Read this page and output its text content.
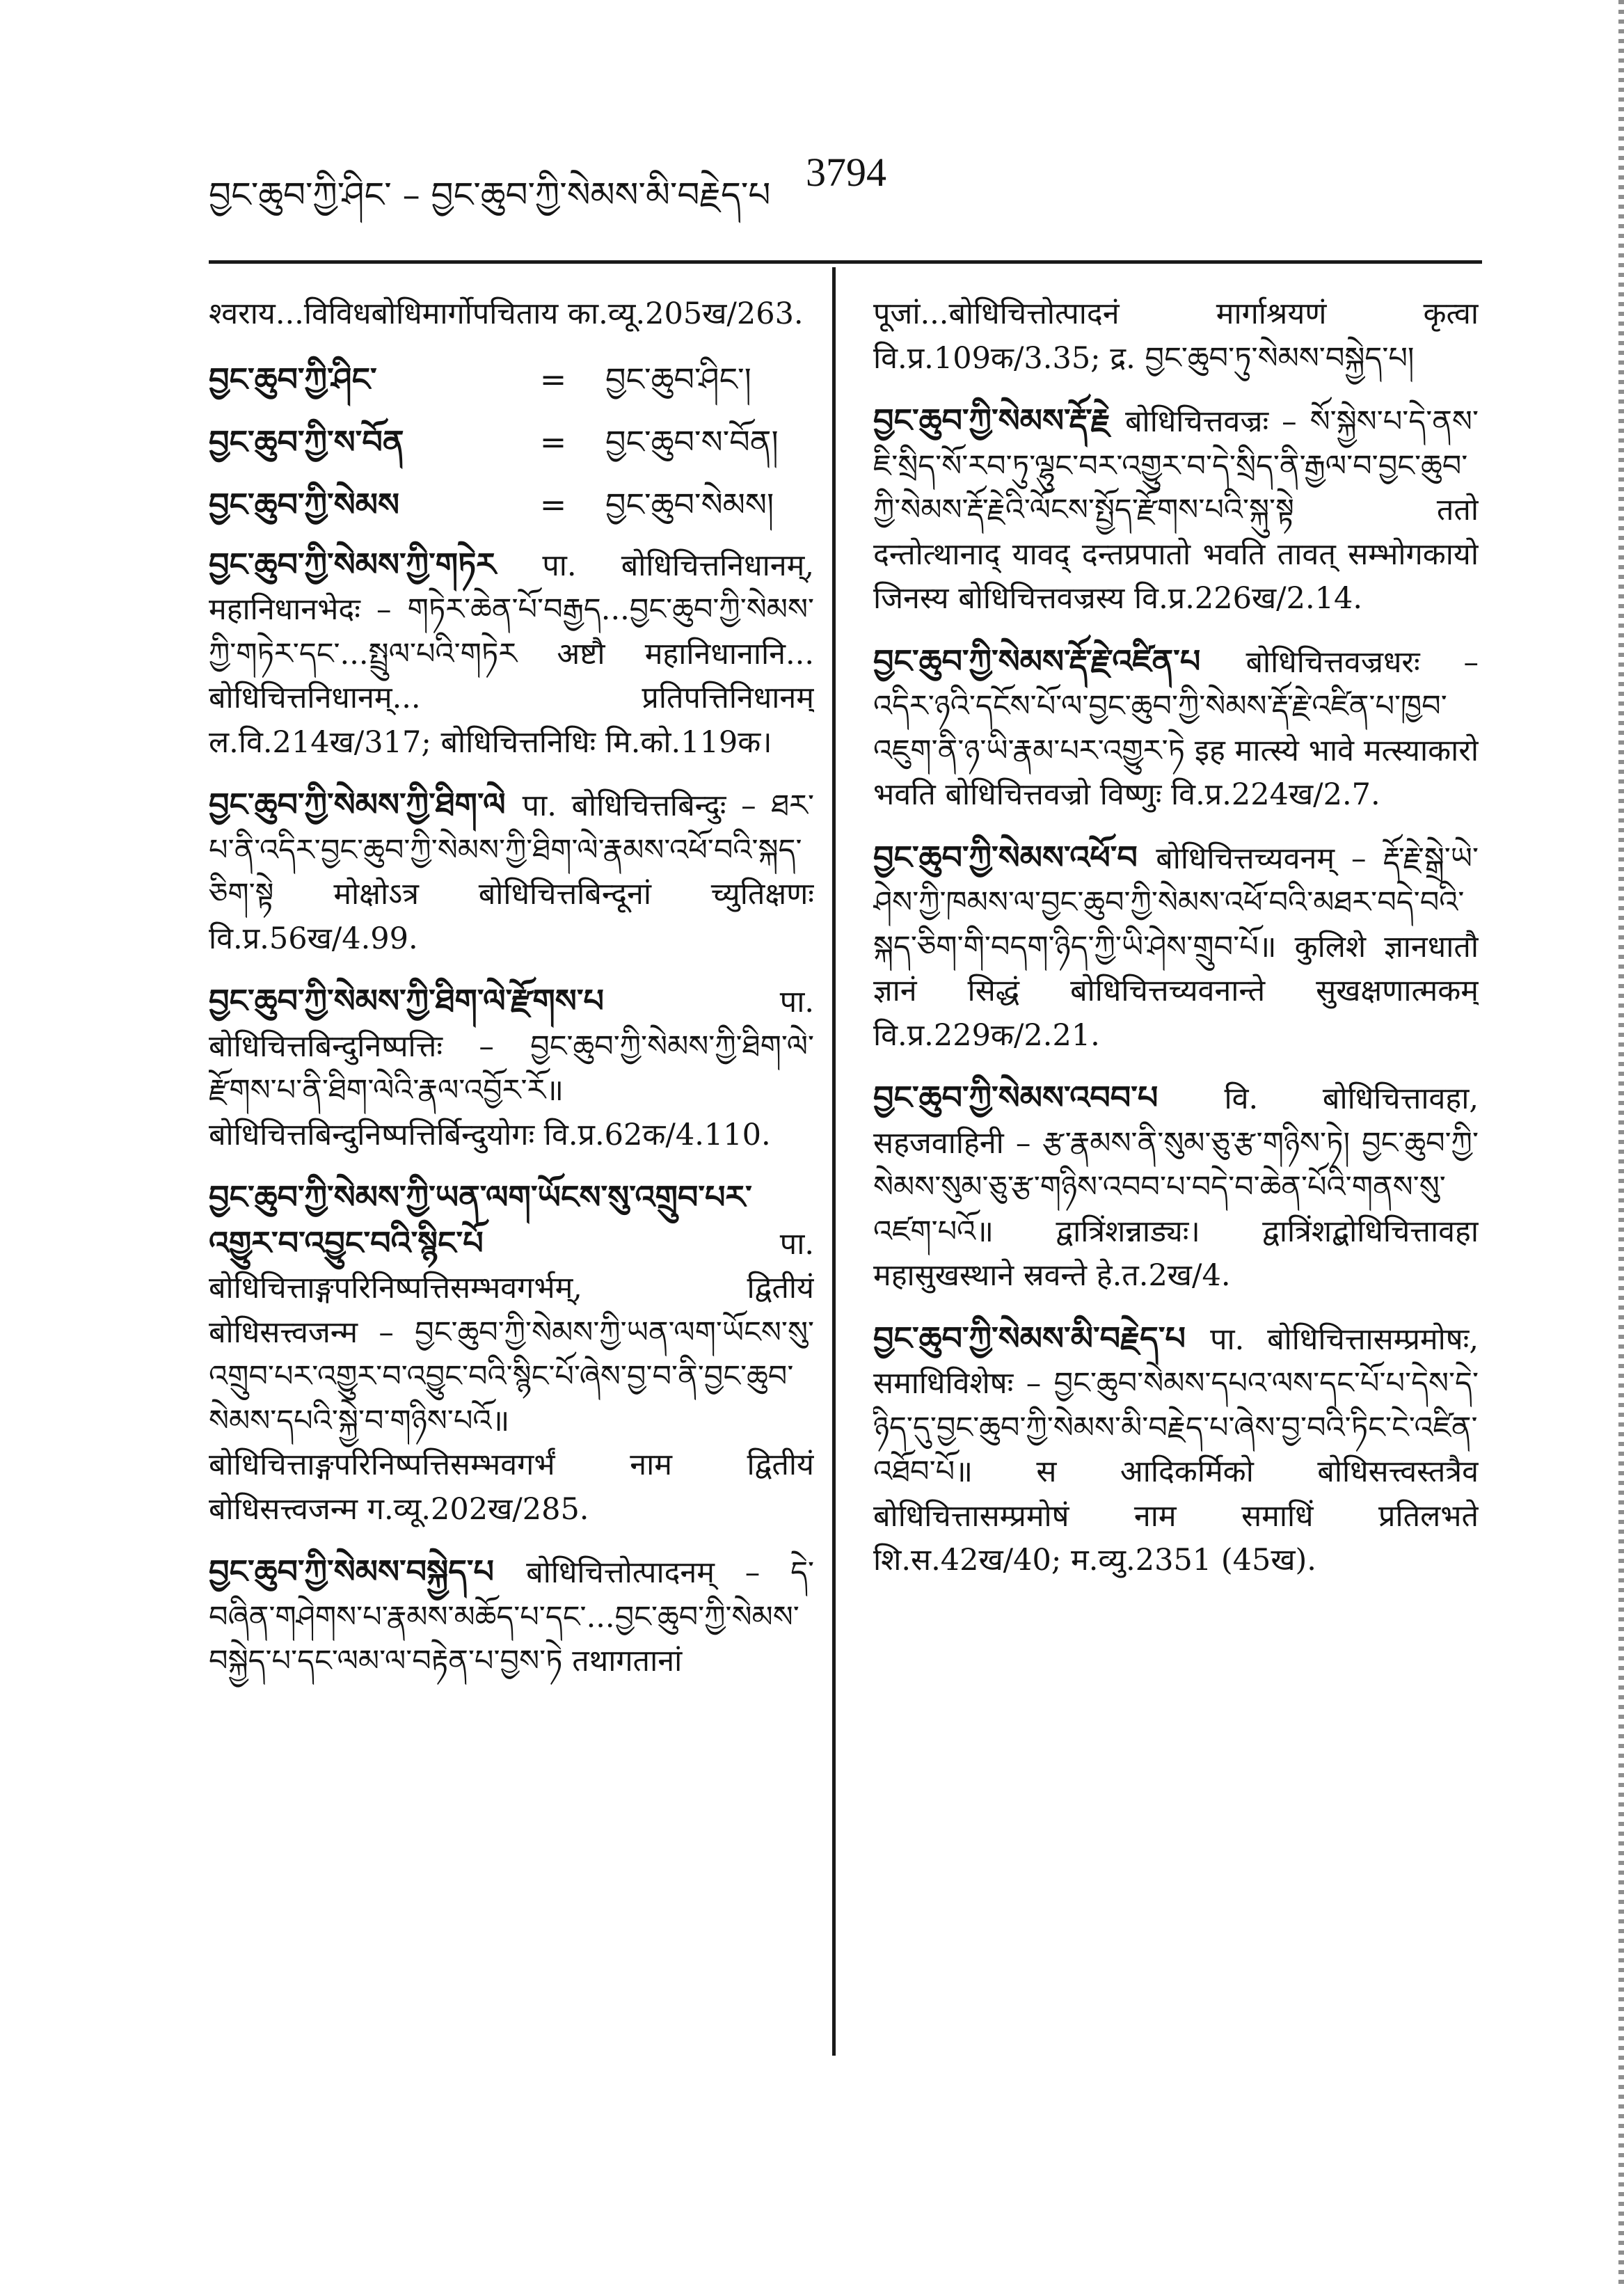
བྱང་ཆུབ་ཀྱི་ཤིང་ – བྱང་ཆུབ་ཀྱི་སེམས་མི་བརྗེད་པ 3794
श्वराय...विविधबोधिमार्गोपचिताय का.व्यू.205ख/263.
བྱང་ཆུབ་ཀྱི་ཤིང་	=	བྱང་ཆུབ་ཤིང་།
བྱང་ཆུབ་ཀྱི་ས་བོན	=	བྱང་ཆུབ་ས་བོན།
བྱང་ཆུབ་ཀྱི་སེམས	=	བྱང་ཆུབ་སེམས།
བྱང་ཆུབ་ཀྱི་སེམས་ཀྱི་གཏེར पा. बोधिचित्तनिधानम्, महानिधानभेदः – གཏེར་ཆེན་པོ་བརྒྱད...བྱང་ཆུབ་ཀྱི་སེམས་ཀྱི་གཏེར་དང་...སྤྲུལ་པའི་གཏེར अष्टौ महानिधानानि... बोधिचित्तनिधानम्... प्रतिपत्तिनिधानम् ल.वि.214ख/317; बोधिचित्तनिधिः मि.को.119क।
བྱང་ཆུབ་ཀྱི་སེམས་ཀྱི་ཐིག་ལེ पा. बोधिचित्तबिन्दुः – ཐར་པ་ནི་འདིར་བྱང་ཆུབ་ཀྱི་སེམས་ཀྱི་ཐིག་ལེ་རྣམས་འཕོ་བའི་སྐད་ཅིག་སྟེ मोक्षोऽत्र बोधिचित्तबिन्दूनां च्युतिक्षणः वि.प्र.56ख/4.99.
བྱང་ཆུབ་ཀྱི་སེམས་ཀྱི་ཐིག་ལེ་རྫོགས་པ पा. बोधिचित्तबिन्दुनिष्पत्तिः – བྱང་ཆུབ་ཀྱི་སེམས་ཀྱི་ཐིག་ལེ་རྫོགས་པ་ནི་ཐིག་ལེའི་རྣལ་འབྱོར་རོ॥ बोधिचित्तबिन्दुनिष्पत्तिर्बिन्दुयोगः वि.प्र.62क/4.110.
བྱང་ཆུབ་ཀྱི་སེམས་ཀྱི་ཡན་ལག་ཡོངས་སུ་འགྲུབ་པར་འགྱུར་བ་འབྱུང་བའི་སྙིང་པོ पा. बोधिचित्ताङ्गपरिनिष्पत्तिसम्भवगर्भम्, द्वितीयं बोधिसत्त्वजन्म – བྱང་ཆུབ་ཀྱི་སེམས་ཀྱི་ཡན་ལག་ཡོངས་སུ་འགྲུབ་པར་འགྱུར་བ་འབྱུང་བའི་སྙིང་པོ་ཞེས་བྱ་བ་ནི་བྱང་ཆུབ་སེམས་དཔའི་སྐྱེ་བ་གཉིས་པའོ॥ बोधिचित्ताङ्गपरिनिष्पत्तिसम्भवगर्भं नाम द्वितीयं बोधिसत्त्वजन्म ग.व्यू.202ख/285.
བྱང་ཆུབ་ཀྱི་སེམས་བསྐྱེད་པ बोधिचित्तोत्पादनम् – དེ་བཞིན་གཤེགས་པ་རྣམས་མཆོད་པ་དང་...བྱང་ཆུབ་ཀྱི་སེམས་བསྐྱེད་པ་དང་ལམ་ལ་བརྟེན་པ་བྱས་ཏེ तथागतानां
पूजां...बोधिचित्तोत्पादनं मार्गाश्रयणं कृत्वा वि.प्र.109क/3.35; द्र. བྱང་ཆུབ་ཏུ་སེམས་བསྐྱེད་པ།
བྱང་ཆུབ་ཀྱི་སེམས་རྡོ་རྗེ बोधिचित्तवज्रः – སོ་སྐྱེས་པ་དེ་ནས་ཇི་སྲིད་སོ་རབ་ཏུ་ལྷུང་བར་འགྱུར་བ་དེ་སྲིད་ནི་རྒྱལ་བ་བྱང་ཆུབ་ཀྱི་སེམས་རྡོ་རྗེའི་ལོངས་སྤྱོད་རྫོགས་པའི་སྐུ་སྟེ ततो दन्तोत्थानाद् यावद् दन्तप्रपातो भवति तावत् सम्भोगकायो जिनस्य बोधिचित्तवज्रस्य वि.प्र.226ख/2.14.
བྱང་ཆུབ་ཀྱི་སེམས་རྡོ་རྗེ་འཛིན་པ बोधिचित्तवज्रधरः – འདིར་ཉའི་དངོས་པོ་ལ་བྱང་ཆུབ་ཀྱི་སེམས་རྡོ་རྗེ་འཛིན་པ་ཁྱབ་འཇུག་ནི་ཉ་ཡི་རྣམ་པར་འགྱུར་ཏེ इह मात्स्ये भावे मत्स्याकारो भवति बोधिचित्तवज्रो विष्णुः वि.प्र.224ख/2.7.
བྱང་ཆུབ་ཀྱི་སེམས་འཕོ་བ बोधिचित्तच्यवनम् – རྡོ་རྗེ་སྒྲེ་ཡེ་ཤེས་ཀྱི་ཁམས་ལ་བྱང་ཆུབ་ཀྱི་སེམས་འཕོ་བའི་མཐར་བདེ་བའི་སྐད་ཅིག་གི་བདག་ཉིད་ཀྱི་ཡི་ཤེས་གྲུབ་པོ॥ कुलिशे ज्ञानधातौ ज्ञानं सिद्धं बोधिचित्तच्यवनान्ते सुखक्षणात्मकम् वि.प्र.229क/2.21.
བྱང་ཆུབ་ཀྱི་སེམས་འབབ་པ वि. बोधिचित्तावहा, सहजवाहिनी – རྩ་རྣམས་ནི་སུམ་ཅུ་རྩ་གཉིས་ཏེ། བྱང་ཆུབ་ཀྱི་སེམས་སུམ་ཅུ་རྩ་གཉིས་འབབ་པ་བདེ་བ་ཆེན་པོའི་གནས་སུ་འཛག་པའོ॥ द्वात्रिंशन्नाड्यः। द्वात्रिंशद्बोधिचित्तावहा महासुखस्थाने स्रवन्ते हे.त.2ख/4.
བྱང་ཆུབ་ཀྱི་སེམས་མི་བརྗེད་པ पा. बोधिचित्तासम्प्रमोषः, समाधिविशेषः – བྱང་ཆུབ་སེམས་དཔའ་ལས་དང་པོ་པ་དེས་དེ་ཉིད་དུ་བྱང་ཆུབ་ཀྱི་སེམས་མི་བརྗེད་པ་ཞེས་བྱ་བའི་ཏིང་ངེ་འཛིན་འཐོབ་པོ॥ स आदिकर्मिको बोधिसत्त्वस्तत्रैव बोधिचित्तासम्प्रमोषं नाम समाधिं प्रतिलभते शि.स.42ख/40; म.व्यु.2351 (45ख).
